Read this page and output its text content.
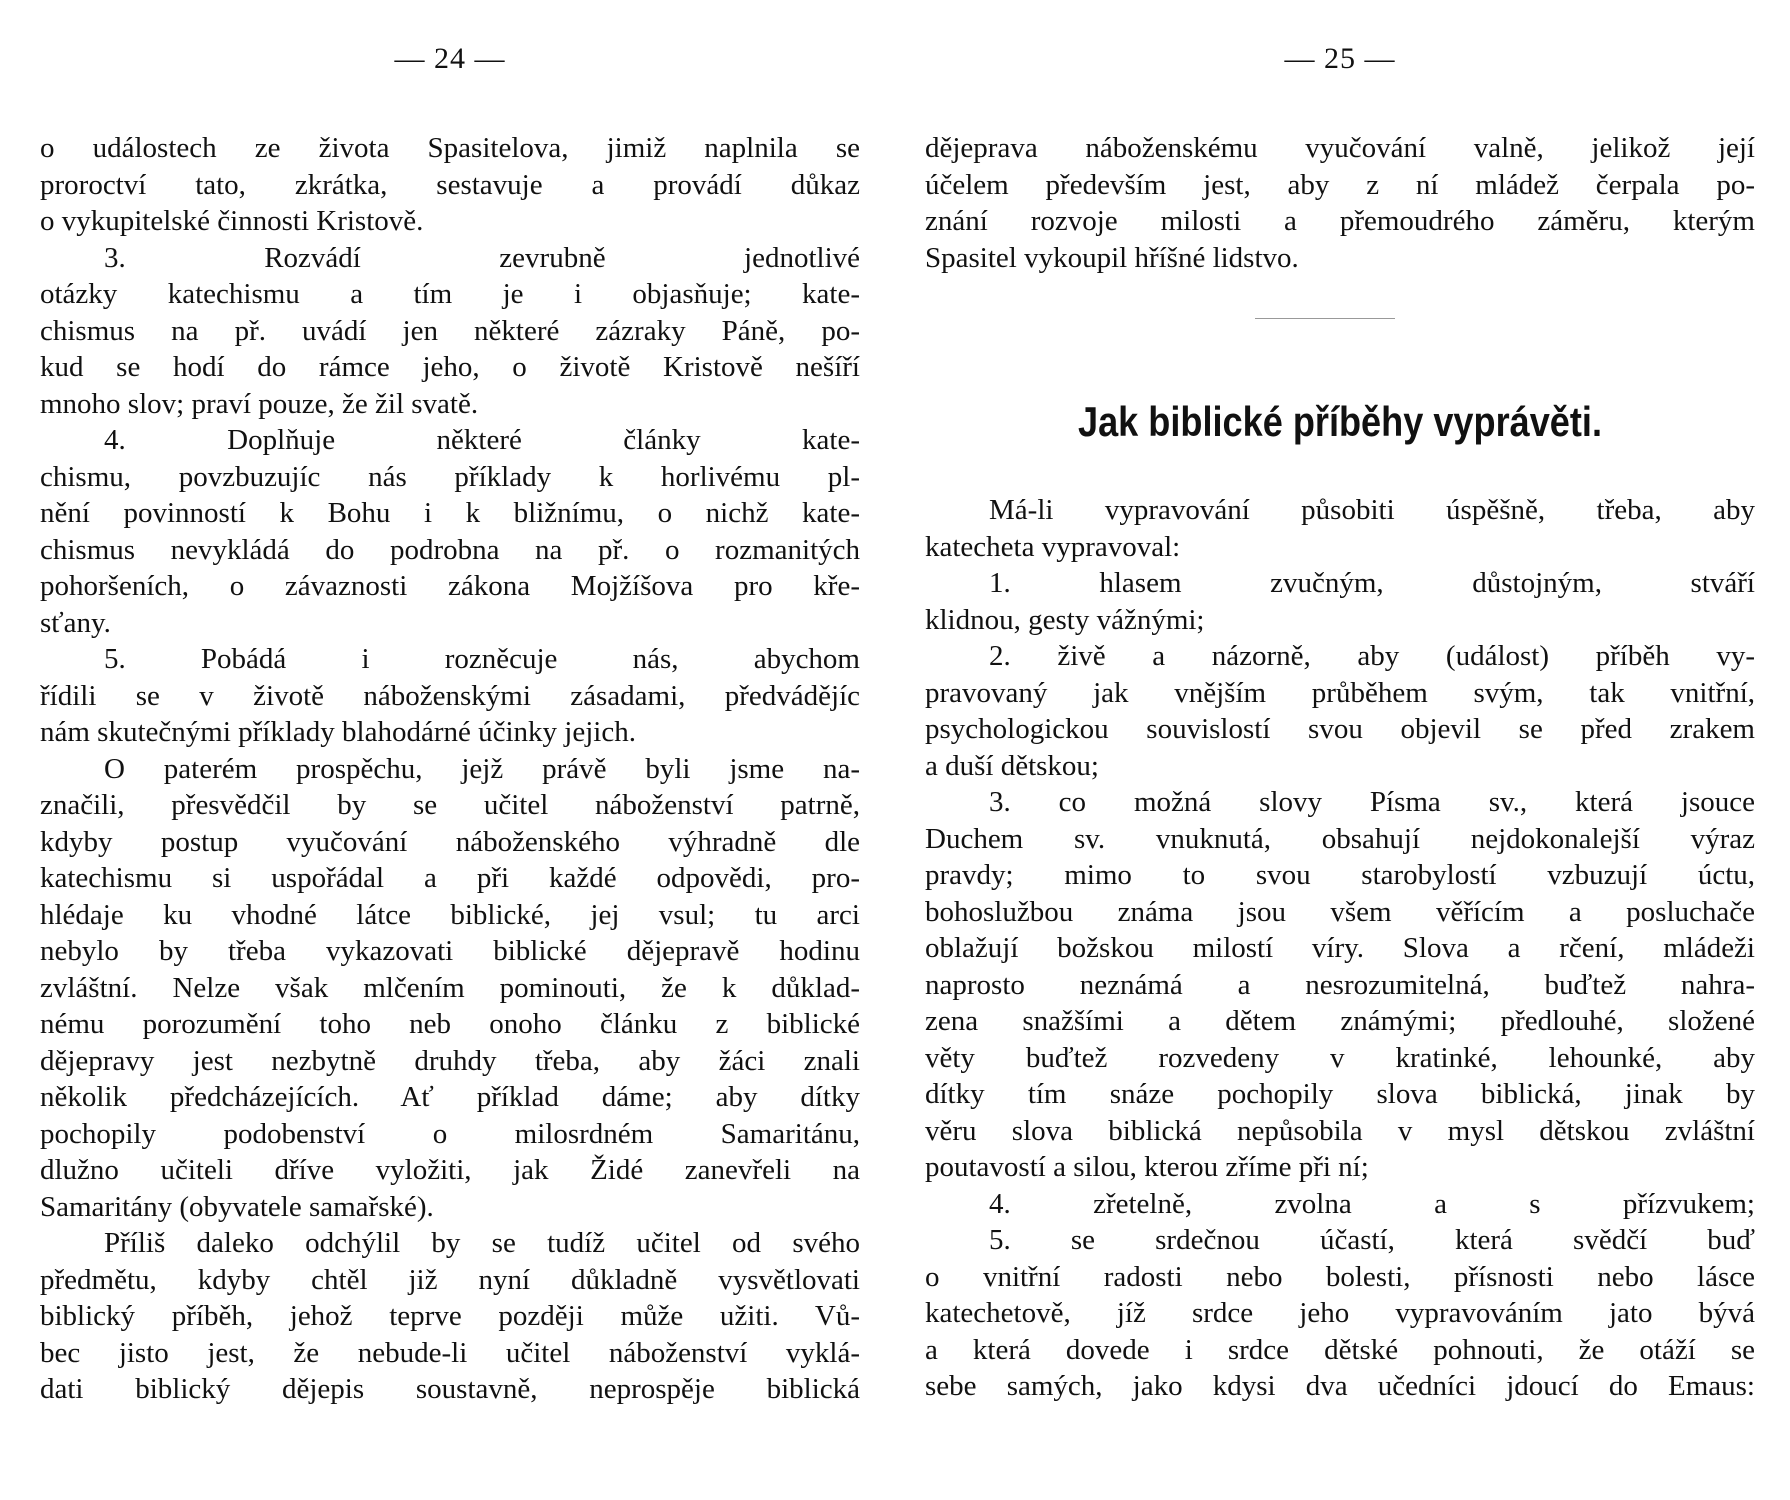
— 24 —
o událostech ze života Spasitelova, jimiž naplnila se
proroctví tato, zkrátka, sestavuje a provádí důkaz
o vykupitelské činnosti Kristově.
3. Rozvádí zevrubně jednotlivé
otázky katechismu a tím je i objasňuje; kate-
chismus na př. uvádí jen některé zázraky Páně, po-
kud se hodí do rámce jeho, o životě Kristově nešíří
mnoho slov; praví pouze, že žil svatě.
4. Doplňuje některé články kate-
chismu, povzbuzujíc nás příklady k horlivému pl-
nění povinností k Bohu i k bližnímu, o nichž kate-
chismus nevykládá do podrobna na př. o rozmanitých
pohoršeních, o závaznosti zákona Mojžíšova pro kře-
sťany.
5. Pobádá i rozněcuje nás, abychom
řídili se v životě náboženskými zásadami, předvádějíc
nám skutečnými příklady blahodárné účinky jejich.
O paterém prospěchu, jejž právě byli jsme na-
značili, přesvědčil by se učitel náboženství patrně,
kdyby postup vyučování náboženského výhradně dle
katechismu si uspořádal a při každé odpovědi, pro-
hlédaje ku vhodné látce biblické, jej vsul; tu arci
nebylo by třeba vykazovati biblické dějepravě hodinu
zvláštní. Nelze však mlčením pominouti, že k důklad-
nému porozumění toho neb onoho článku z biblické
dějepravy jest nezbytně druhdy třeba, aby žáci znali
několik předcházejících. Ať příklad dáme; aby dítky
pochopily podobenství o milosrdném Samaritánu,
dlužno učiteli dříve vyložiti, jak Židé zanevřeli na
Samaritány (obyvatele samařské).
Příliš daleko odchýlil by se tudíž učitel od svého
předmětu, kdyby chtěl již nyní důkladně vysvětlovati
biblický příběh, jehož teprve později může užiti. Vů-
bec jisto jest, že nebude-li učitel náboženství vyklá-
dati biblický dějepis soustavně, neprospěje biblická
— 25 —
dějeprava náboženskému vyučování valně, jelikož její
účelem především jest, aby z ní mládež čerpala po-
znání rozvoje milosti a přemoudrého záměru, kterým
Spasitel vykoupil hříšné lidstvo.
Jak biblické příběhy vyprávěti.
Má-li vypravování působiti úspěšně, třeba, aby
katecheta vypravoval:
1. hlasem zvučným, důstojným, stváří
klidnou, gesty vážnými;
2. živě a názorně, aby (událost) příběh vy-
pravovaný jak vnějším průběhem svým, tak vnitřní,
psychologickou souvislostí svou objevil se před zrakem
a duší dětskou;
3. co možná slovy Písma sv., která jsouce
Duchem sv. vnuknutá, obsahují nejdokonalejší výraz
pravdy; mimo to svou starobylostí vzbuzují úctu,
bohoslužbou známa jsou všem věřícím a posluchače
oblažují božskou milostí víry. Slova a rčení, mládeži
naprosto neznámá a nesrozumitelná, buďtež nahra-
zena snažšími a dětem známými; předlouhé, složené
věty buďtež rozvedeny v kratinké, lehounké, aby
dítky tím snáze pochopily slova biblická, jinak by
věru slova biblická nepůsobila v mysl dětskou zvláštní
poutavostí a silou, kterou zříme při ní;
4. zřetelně, zvolna a s přízvukem;
5. se srdečnou účastí, která svědčí buď
o vnitřní radosti nebo bolesti, přísnosti nebo lásce
katechetově, jíž srdce jeho vypravováním jato bývá
a která dovede i srdce dětské pohnouti, že otáží se
sebe samých, jako kdysi dva učedníci jdoucí do Emaus:
